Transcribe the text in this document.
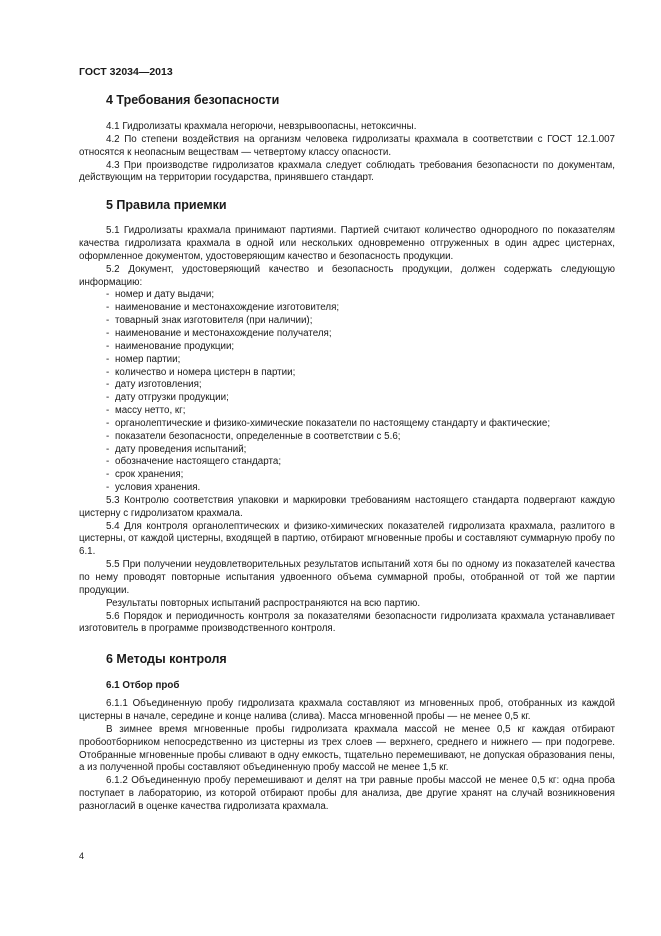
ГОСТ 32034—2013
4 Требования безопасности

4.1 Гидролизаты крахмала негорючи, невзрывоопасны, нетоксичны.

4.2 По степени воздействия на организм человека гидролизаты крахмала в соответствии с ГОСТ 12.1.007 относятся к неопасным веществам — четвертому классу опасности.

4.3 При производстве гидролизатов крахмала следует соблюдать требования безопасности по документам, действующим на территории государства, принявшего стандарт.

5 Правила приемки

5.1 Гидролизаты крахмала принимают партиями. Партией считают количество однородного по показателям качества гидролизата крахмала в одной или нескольких одновременно отгруженных в один адрес цистернах, оформленное документом, удостоверяющим качество и безопасность продукции.

5.2 Документ, удостоверяющий качество и безопасность продукции, должен содержать следующую информацию:

- номер и дату выдачи;
- наименование и местонахождение изготовителя;
- товарный знак изготовителя (при наличии);
- наименование и местонахождение получателя;
- наименование продукции;
- номер партии;
- количество и номера цистерн в партии;
- дату изготовления;
- дату отгрузки продукции;
- массу нетто, кг;
- органолептические и физико-химические показатели по настоящему стандарту и фактические;
- показатели безопасности, определенные в соответствии с 5.6;
- дату проведения испытаний;
- обозначение настоящего стандарта;
- срок хранения;
- условия хранения.

5.3 Контролю соответствия упаковки и маркировки требованиям настоящего стандарта подвергают каждую цистерну с гидролизатом крахмала.

5.4 Для контроля органолептических и физико-химических показателей гидролизата крахмала, разлитого в цистерны, от каждой цистерны, входящей в партию, отбирают мгновенные пробы и составляют суммарную пробу по 6.1.

5.5 При получении неудовлетворительных результатов испытаний хотя бы по одному из показателей качества по нему проводят повторные испытания удвоенного объема суммарной пробы, отобранной от той же партии продукции.

Результаты повторных испытаний распространяются на всю партию.

5.6 Порядок и периодичность контроля за показателями безопасности гидролизата крахмала устанавливает изготовитель в программе производственного контроля.

6 Методы контроля
6.1 Отбор проб

6.1.1 Объединенную пробу гидролизата крахмала составляют из мгновенных проб, отобранных из каждой цистерны в начале, середине и конце налива (слива). Масса мгновенной пробы — не менее 0,5 кг.

В зимнее время мгновенные пробы гидролизата крахмала массой не менее 0,5 кг каждая отбирают пробоотборником непосредственно из цистерны из трех слоев — верхнего, среднего и нижнего — при подогреве. Отобранные мгновенные пробы сливают в одну емкость, тщательно перемешивают, не допуская образования пены, а из полученной пробы составляют объединенную пробу массой не менее 1,5 кг.

6.1.2 Объединенную пробу перемешивают и делят на три равные пробы массой не менее 0,5 кг: одна проба поступает в лабораторию, из которой отбирают пробы для анализа, две другие хранят на случай возникновения разногласий в оценке качества гидролизата крахмала.

4
